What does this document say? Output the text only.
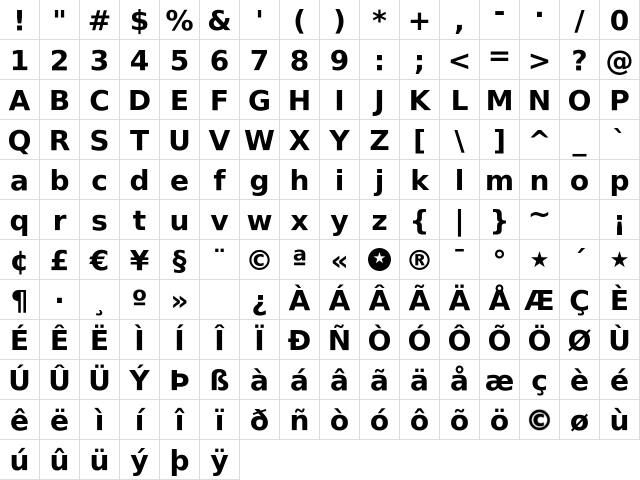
! " # $ % & ' ( ) * + , - . / 0
1 2 3 4 5 6 7 8 9 : ; < = > ? @
A B C D E F G H I J K L M N O P
Q R S T U V W X Y Z [ \ ] ^ _ `
a b c d e f g h i j k l m n o p
q r s t u v w x y z { | } ~ ¡
¢ £ € ¥ § ¨ © ª « ★ ® ¯ ° ★ ´ ★
¶ · ¸ º » ¿ À Á Â Ã Ä Å Æ Ç È
É Ê Ë Ì Í Î Ï Ð Ñ Ò Ó Ô Õ Ö Ø Ù
Ú Û Ü Ý Þ ß à á â ã ä å æ ç è é
ê ë ì í î ï ð ñ ò ó ô õ ö © ø ù
ú û ü ý þ ÿ
